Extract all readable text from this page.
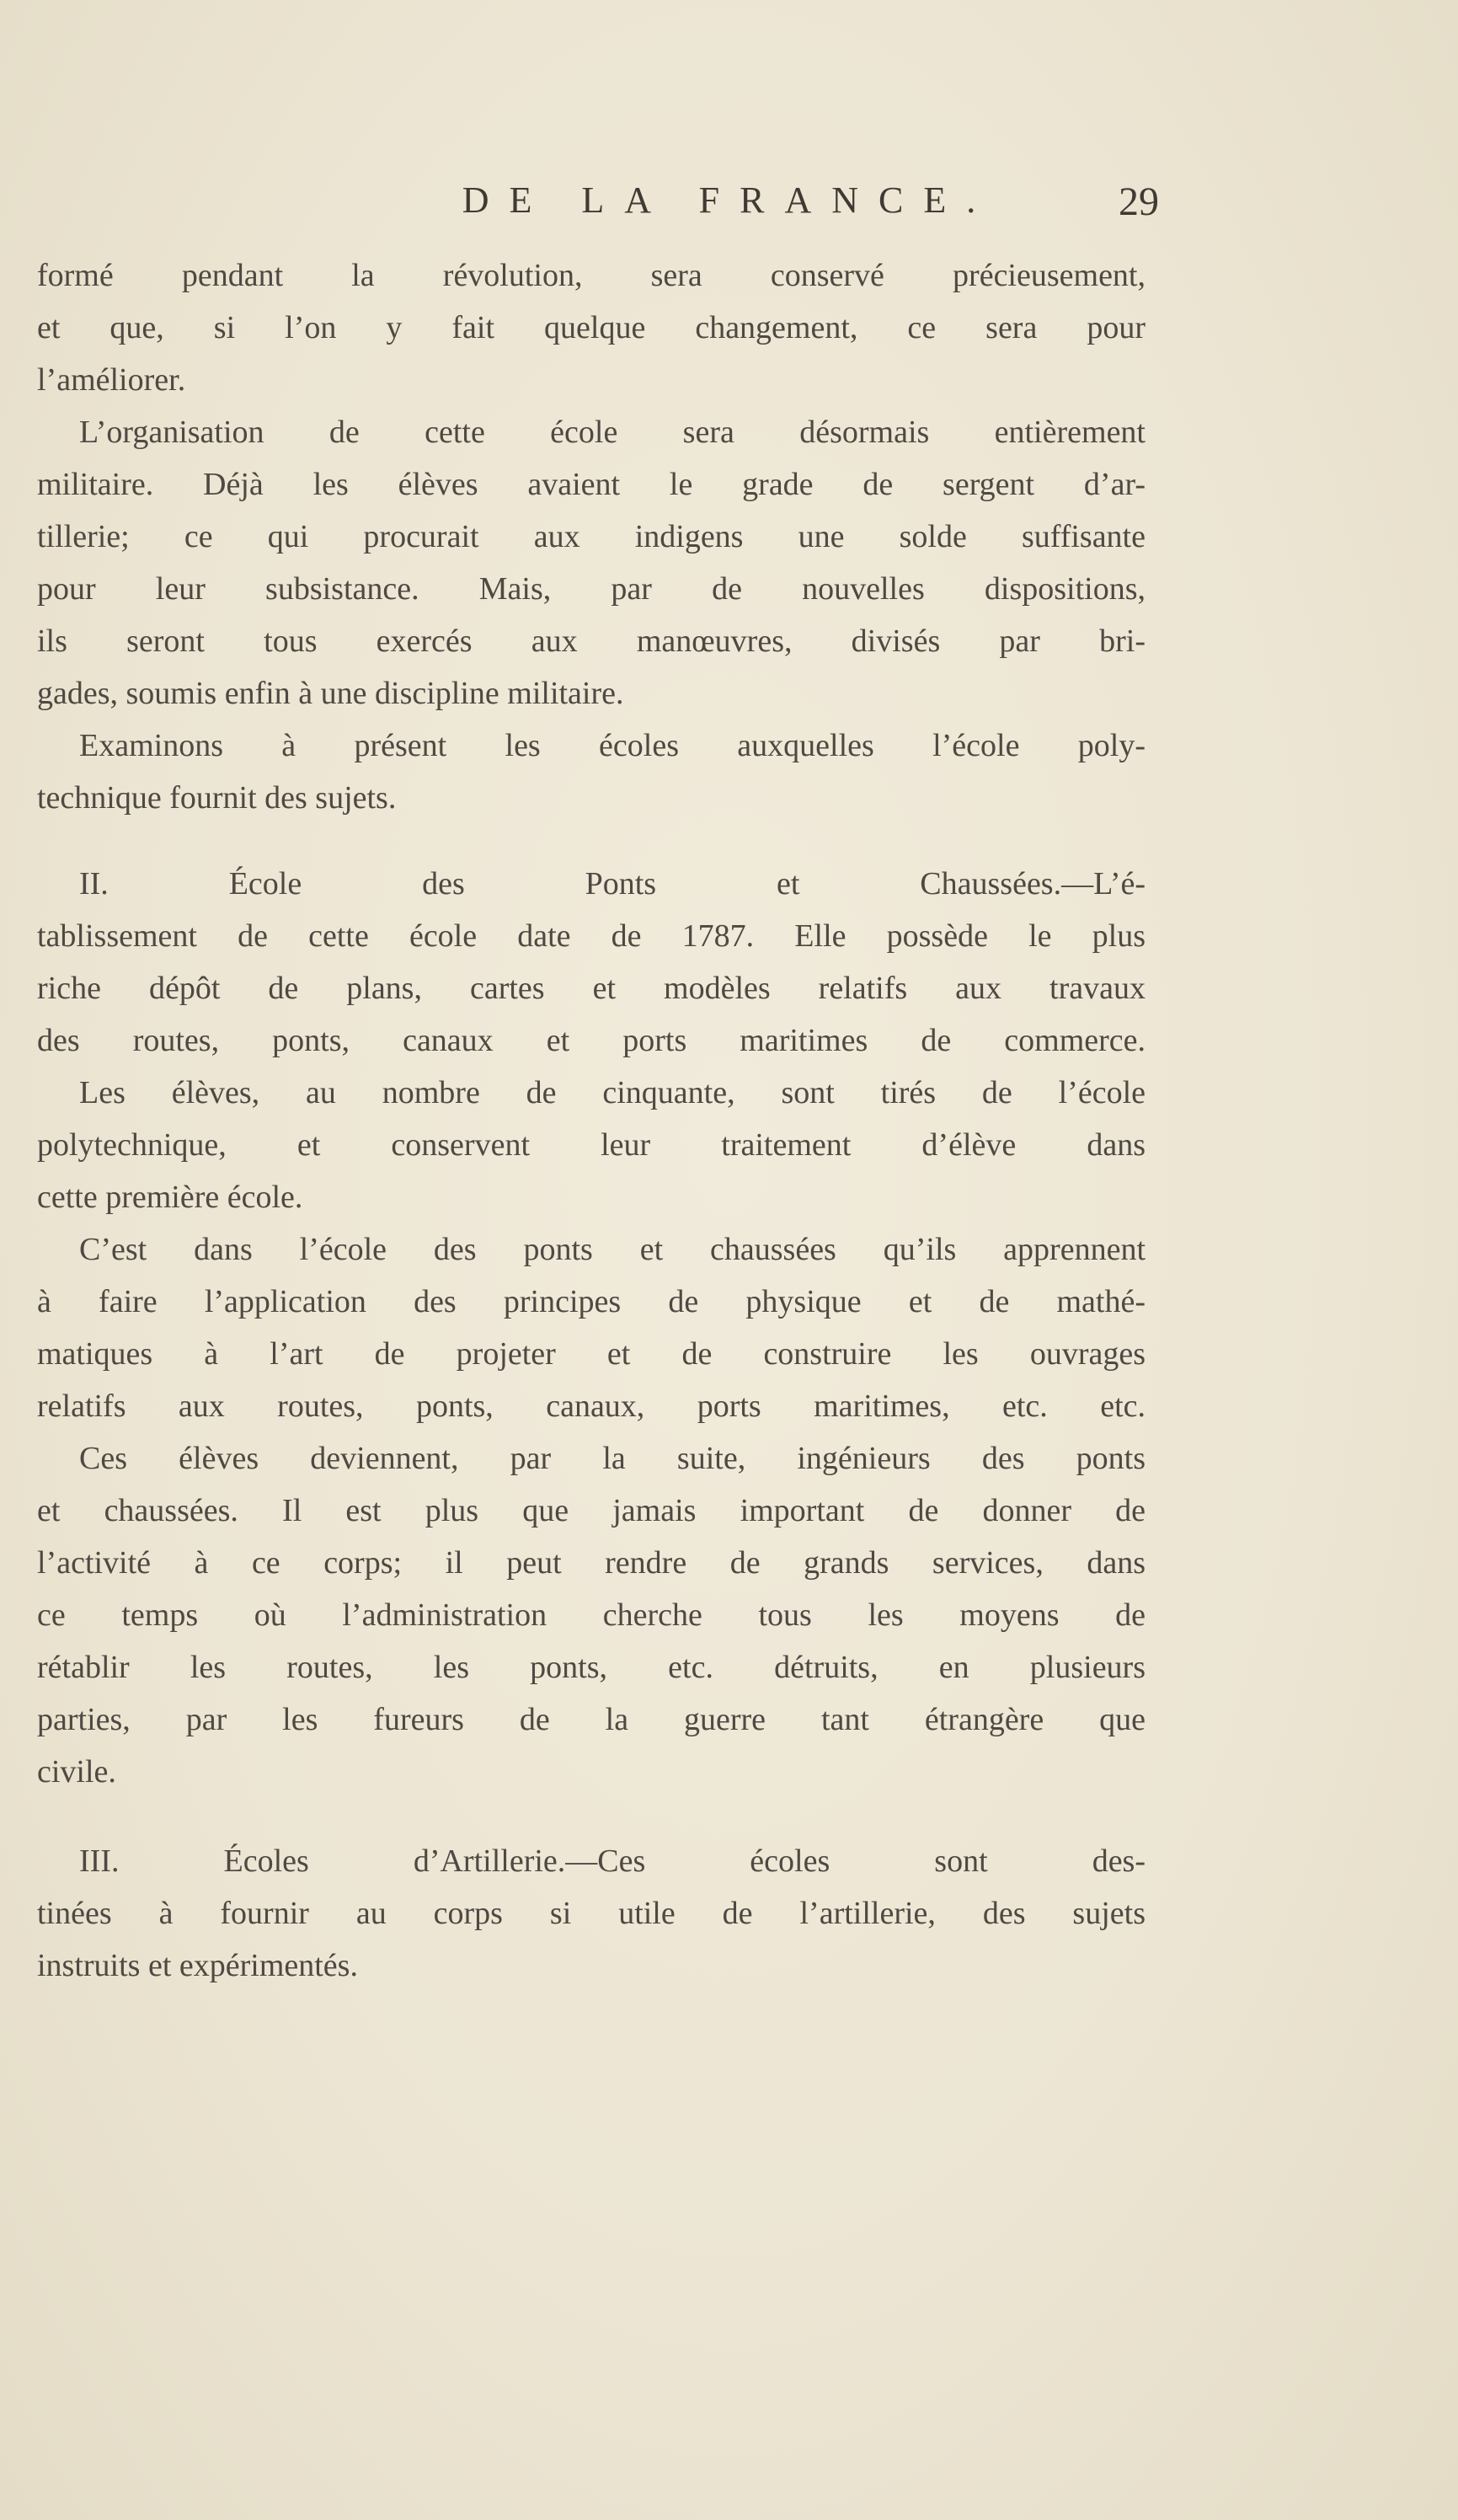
DE LA FRANCE.	29
formé pendant la révolution, sera conservé précieusement,
et que, si l’on y fait quelque changement, ce sera pour
l’améliorer.
L’organisation de cette école sera désormais entièrement
militaire. Déjà les élèves avaient le grade de sergent d’ar-
tillerie; ce qui procurait aux indigens une solde suffisante
pour leur subsistance. Mais, par de nouvelles dispositions,
ils seront tous exercés aux manœuvres, divisés par bri-
gades, soumis enfin à une discipline militaire.
Examinons à présent les écoles auxquelles l’école poly-
technique fournit des sujets.
II. École des Ponts et Chaussées.—L’é-
tablissement de cette école date de 1787. Elle possède le plus
riche dépôt de plans, cartes et modèles relatifs aux travaux
des routes, ponts, canaux et ports maritimes de commerce.
Les élèves, au nombre de cinquante, sont tirés de l’école
polytechnique, et conservent leur traitement d’élève dans
cette première école.
C’est dans l’école des ponts et chaussées qu’ils apprennent
à faire l’application des principes de physique et de mathé-
matiques à l’art de projeter et de construire les ouvrages
relatifs aux routes, ponts, canaux, ports maritimes, etc. etc.
Ces élèves deviennent, par la suite, ingénieurs des ponts
et chaussées. Il est plus que jamais important de donner de
l’activité à ce corps; il peut rendre de grands services, dans
ce temps où l’administration cherche tous les moyens de
rétablir les routes, les ponts, etc. détruits, en plusieurs
parties, par les fureurs de la guerre tant étrangère que
civile.
III. Écoles d’Artillerie.—Ces écoles sont des-
tinées à fournir au corps si utile de l’artillerie, des sujets
instruits et expérimentés.
